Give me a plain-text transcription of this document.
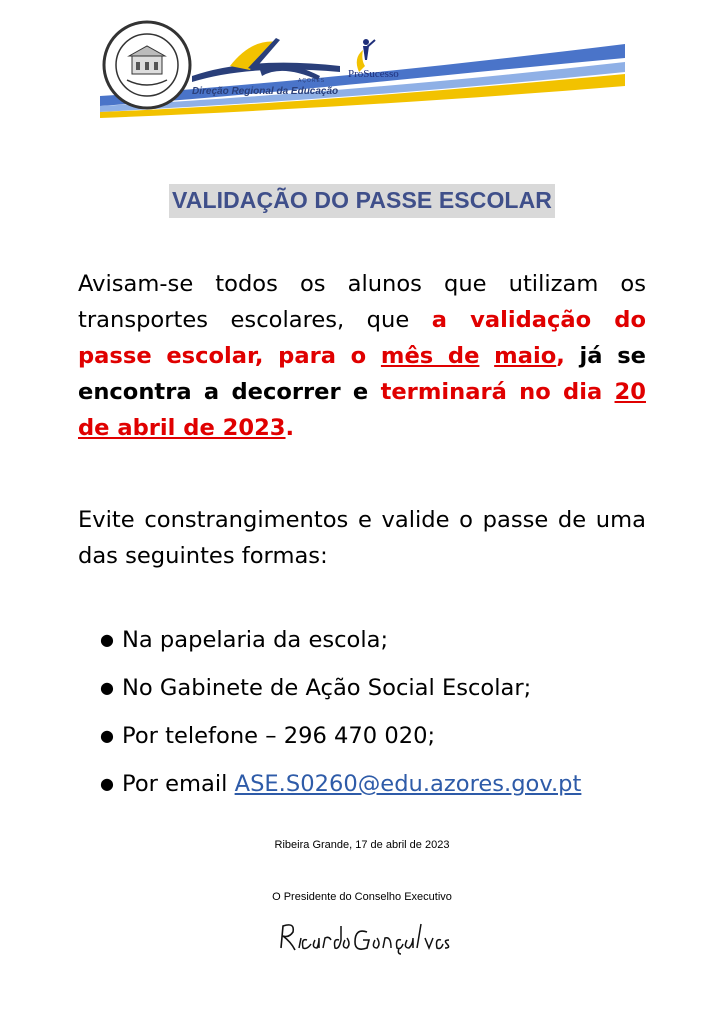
AÇORES
Direção Regional da Educação
ProSucesso
VALIDAÇÃO DO PASSE ESCOLAR

Avisam-se todos os alunos que utilizam os transportes escolares, que a validação do passe escolar, para o mês de maio, já se encontra a decorrer e terminará no dia 20 de abril de 2023.

Evite constrangimentos e valide o passe de uma das seguintes formas:

● Na papelaria da escola;
● No Gabinete de Ação Social Escolar;
● Por telefone – 296 470 020;
● Por email ASE.S0260@edu.azores.gov.pt
Ribeira Grande, 17 de abril de 2023
O Presidente do Conselho Executivo
